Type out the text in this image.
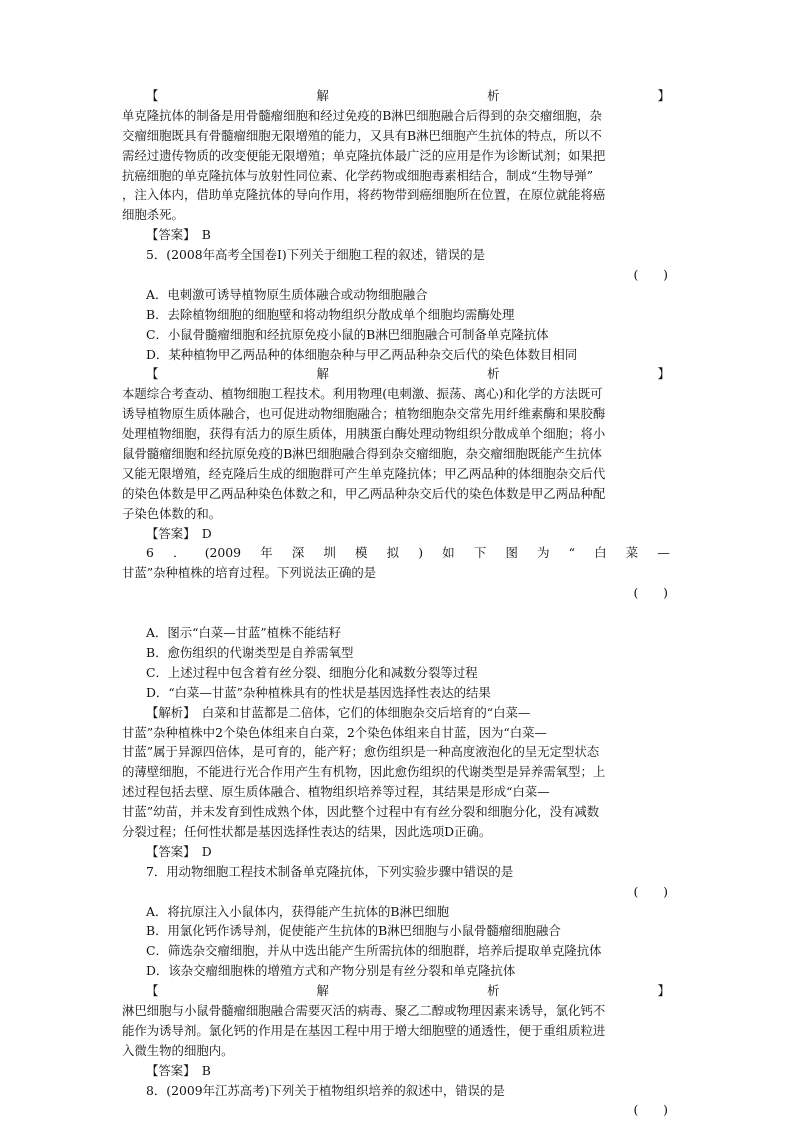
【	解	析	】
单克隆抗体的制备是用骨髓瘤细胞和经过免疫的B淋巴细胞融合后得到的杂交瘤细胞，杂
交瘤细胞既具有骨髓瘤细胞无限增殖的能力，又具有B淋巴细胞产生抗体的特点，所以不
需经过遗传物质的改变便能无限增殖；单克隆抗体最广泛的应用是作为诊断试剂；如果把
抗癌细胞的单克隆抗体与放射性同位素、化学药物或细胞毒素相结合，制成“生物导弹”
，注入体内，借助单克隆抗体的导向作用，将药物带到癌细胞所在位置，在原位就能将癌
细胞杀死。
【答案】　B
5．(2008年高考全国卷Ⅰ)下列关于细胞工程的叙述，错误的是
(　　)
A．电刺激可诱导植物原生质体融合或动物细胞融合
B．去除植物细胞的细胞壁和将动物组织分散成单个细胞均需酶处理
C．小鼠骨髓瘤细胞和经抗原免疫小鼠的B淋巴细胞融合可制备单克隆抗体
D．某种植物甲乙两品种的体细胞杂种与甲乙两品种杂交后代的染色体数目相同
【	解	析	】
本题综合考查动、植物细胞工程技术。利用物理(电刺激、振荡、离心)和化学的方法既可
诱导植物原生质体融合，也可促进动物细胞融合；植物细胞杂交常先用纤维素酶和果胶酶
处理植物细胞，获得有活力的原生质体，用胰蛋白酶处理动物组织分散成单个细胞；将小
鼠骨髓瘤细胞和经抗原免疫的B淋巴细胞融合得到杂交瘤细胞，杂交瘤细胞既能产生抗体
又能无限增殖，经克隆后生成的细胞群可产生单克隆抗体；甲乙两品种的体细胞杂交后代
的染色体数是甲乙两品种染色体数之和，甲乙两品种杂交后代的染色体数是甲乙两品种配
子染色体数的和。
【答案】　D
6 ． (2009 年 深 圳 模 拟 ) 如 下 图 为 “ 白 菜 —
甘蓝”杂种植株的培育过程。下列说法正确的是
(　　)
A．图示“白菜—甘蓝”植株不能结籽
B．愈伤组织的代谢类型是自养需氧型
C．上述过程中包含着有丝分裂、细胞分化和减数分裂等过程
D．“白菜—甘蓝”杂种植株具有的性状是基因选择性表达的结果
【解析】　白菜和甘蓝都是二倍体，它们的体细胞杂交后培育的“白菜—
甘蓝”杂种植株中2个染色体组来自白菜，2个染色体组来自甘蓝，因为“白菜—
甘蓝”属于异源四倍体，是可育的，能产籽；愈伤组织是一种高度液泡化的呈无定型状态
的薄壁细胞，不能进行光合作用产生有机物，因此愈伤组织的代谢类型是异养需氧型；上
述过程包括去壁、原生质体融合、植物组织培养等过程，其结果是形成“白菜—
甘蓝”幼苗，并未发育到性成熟个体，因此整个过程中有有丝分裂和细胞分化，没有减数
分裂过程；任何性状都是基因选择性表达的结果，因此选项D正确。
【答案】　D
7．用动物细胞工程技术制备单克隆抗体，下列实验步骤中错误的是
(　　)
A．将抗原注入小鼠体内，获得能产生抗体的B淋巴细胞
B．用氯化钙作诱导剂，促使能产生抗体的B淋巴细胞与小鼠骨髓瘤细胞融合
C．筛选杂交瘤细胞，并从中选出能产生所需抗体的细胞群，培养后提取单克隆抗体
D．该杂交瘤细胞株的增殖方式和产物分别是有丝分裂和单克隆抗体
【	解	析	】
淋巴细胞与小鼠骨髓瘤细胞融合需要灭活的病毒、聚乙二醇或物理因素来诱导，氯化钙不
能作为诱导剂。氯化钙的作用是在基因工程中用于增大细胞壁的通透性，便于重组质粒进
入微生物的细胞内。
【答案】　B
8．(2009年江苏高考)下列关于植物组织培养的叙述中，错误的是
(　　)
